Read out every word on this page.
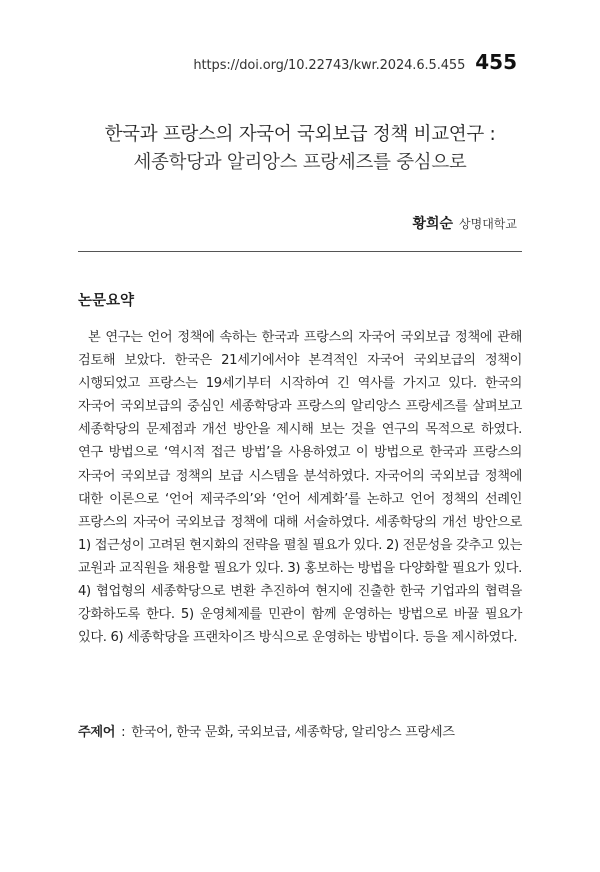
https://doi.org/10.22743/kwr.2024.6.5.455 455
한국과 프랑스의 자국어 국외보급 정책 비교연구 :
세종학당과 알리앙스 프랑세즈를 중심으로
황희순 상명대학교
논문요약
본 연구는 언어 정책에 속하는 한국과 프랑스의 자국어 국외보급 정책에 관해 검토해 보았다. 한국은 21세기에서야 본격적인 자국어 국외보급의 정책이 시행되었고 프랑스는 19세기부터 시작하여 긴 역사를 가지고 있다. 한국의 자국어 국외보급의 중심인 세종학당과 프랑스의 알리앙스 프랑세즈를 살펴보고 세종학당의 문제점과 개선 방안을 제시해 보는 것을 연구의 목적으로 하였다. 연구 방법으로 ‘역시적 접근 방법’을 사용하였고 이 방법으로 한국과 프랑스의 자국어 국외보급 정책의 보급 시스템을 분석하였다. 자국어의 국외보급 정책에 대한 이론으로 ‘언어 제국주의’와 ‘언어 세계화’를 논하고 언어 정책의 선례인 프랑스의 자국어 국외보급 정책에 대해 서술하였다. 세종학당의 개선 방안으로 1) 접근성이 고려된 현지화의 전략을 펼칠 필요가 있다. 2) 전문성을 갖추고 있는 교원과 교직원을 채용할 필요가 있다. 3) 홍보하는 방법을 다양화할 필요가 있다. 4) 협업형의 세종학당으로 변환 추진하여 현지에 진출한 한국 기업과의 협력을 강화하도록 한다. 5) 운영체제를 민관이 함께 운영하는 방법으로 바꿀 필요가 있다. 6) 세종학당을 프랜차이즈 방식으로 운영하는 방법이다. 등을 제시하였다.
주제어 : 한국어, 한국 문화, 국외보급, 세종학당, 알리앙스 프랑세즈
